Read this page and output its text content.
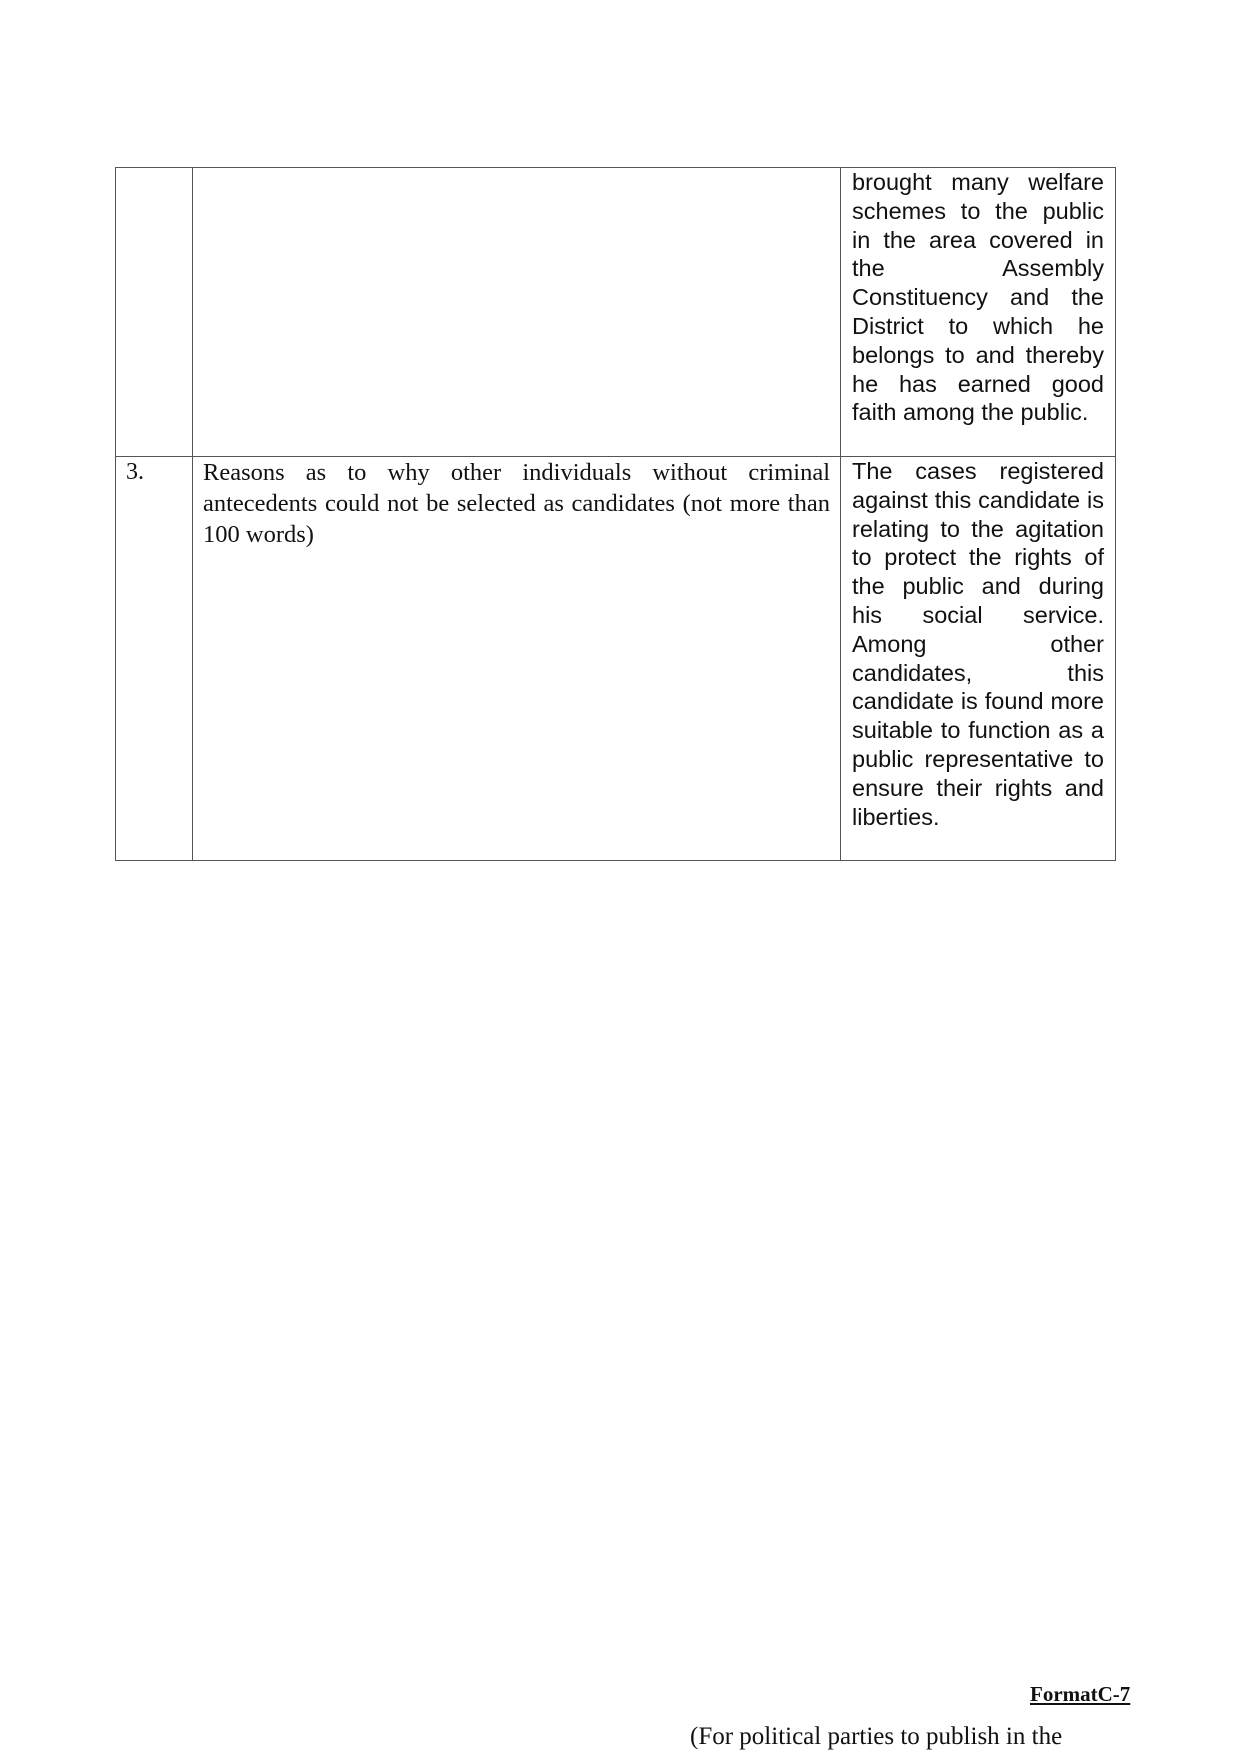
		brought many welfare schemes to the public in the area covered in the Assembly Constituency and the District to which he belongs to and thereby he has earned good faith among the public.

3.	Reasons as to why other individuals without criminal antecedents could not be selected as candidates (not more than 100 words)	The cases registered against this candidate is relating to the agitation to protect the rights of the public and during his social service. Among other candidates, this candidate is found more suitable to function as a public representative to ensure their rights and liberties.
FormatC-7
(For political parties to publish in the
